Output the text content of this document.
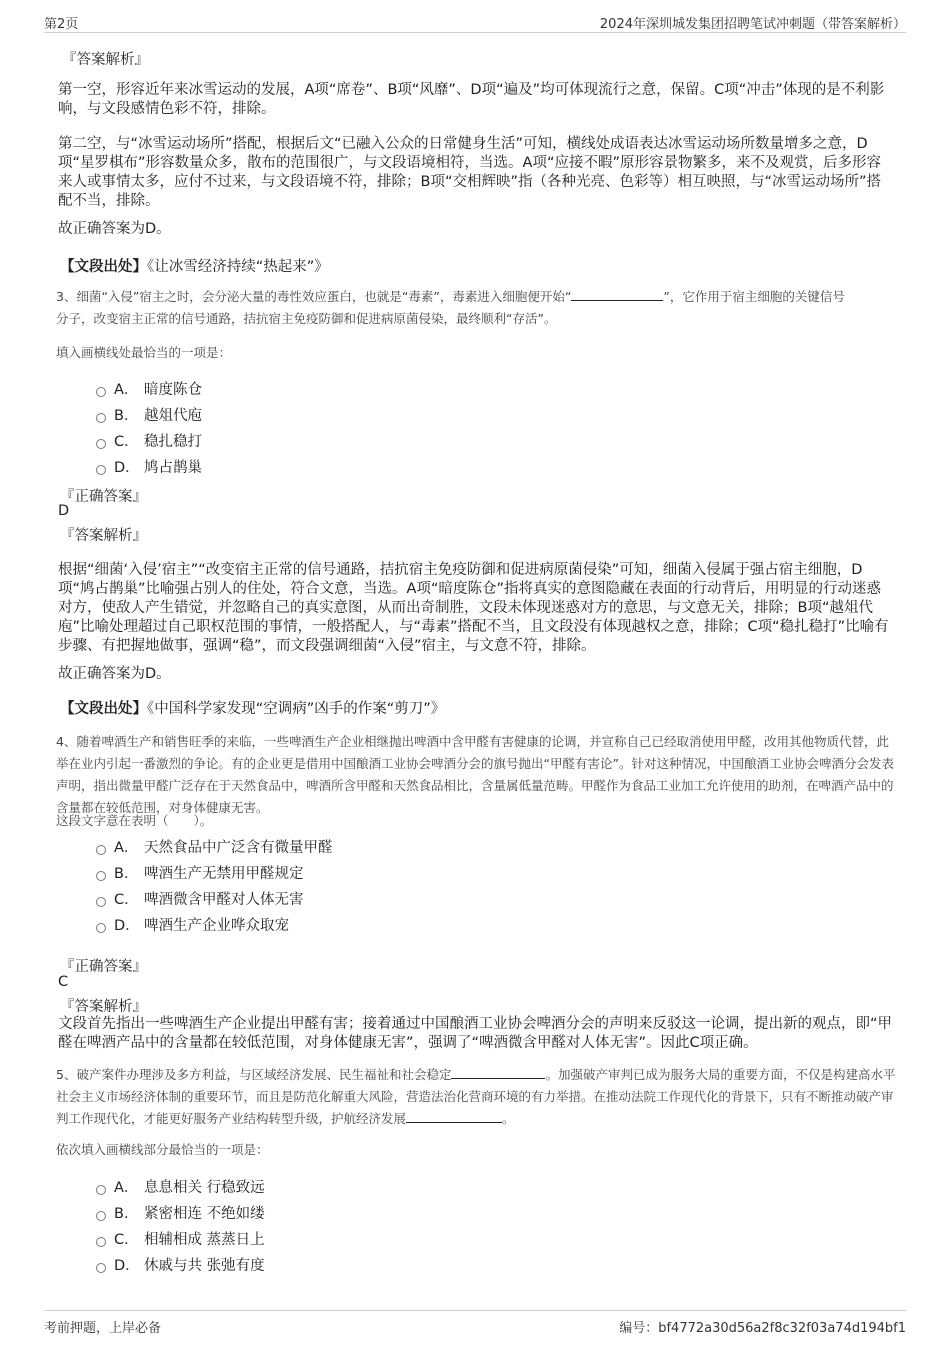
第2页	2024年深圳城发集团招聘笔试冲刺题（带答案解析）
『答案解析』
第一空，形容近年来冰雪运动的发展，A项“席卷”、B项“风靡”、D项“遍及”均可体现流行之意，保留。C项“冲击”体现的是不利影响，与文段感情色彩不符，排除。
第二空，与“冰雪运动场所”搭配，根据后文“已融入公众的日常健身生活”可知，横线处成语表达冰雪运动场所数量增多之意，D项“星罗棋布”形容数量众多，散布的范围很广，与文段语境相符，当选。A项“应接不暇”原形容景物繁多，来不及观赏，后多形容来人或事情太多，应付不过来，与文段语境不符，排除；B项“交相辉映”指（各种光亮、色彩等）相互映照，与“冰雪运动场所”搭配不当，排除。
故正确答案为D。
【文段出处】《让冰雪经济持续“热起来”》
3、细菌“入侵”宿主之时，会分泌大量的毒性效应蛋白，也就是“毒素”，毒素进入细胞便开始“	”，它作用于宿主细胞的关键信号
分子，改变宿主正常的信号通路，拮抗宿主免疫防御和促进病原菌侵染，最终顺利“存活”。
填入画横线处最恰当的一项是：
A． 暗度陈仓
B． 越俎代庖
C． 稳扎稳打
D． 鸠占鹊巢
『正确答案』
D
『答案解析』
根据“细菌‘入侵’宿主”“改变宿主正常的信号通路，拮抗宿主免疫防御和促进病原菌侵染”可知，细菌入侵属于强占宿主细胞，D项“鸠占鹊巢”比喻强占别人的住处，符合文意，当选。A项“暗度陈仓”指将真实的意图隐藏在表面的行动背后，用明显的行动迷惑对方，使敌人产生错觉，并忽略自己的真实意图，从而出奇制胜，文段未体现迷惑对方的意思，与文意无关，排除；B项“越俎代庖”比喻处理超过自己职权范围的事情，一般搭配人，与“毒素”搭配不当，且文段没有体现越权之意，排除；C项“稳扎稳打”比喻有步骤、有把握地做事，强调“稳”，而文段强调细菌“入侵”宿主，与文意不符，排除。
故正确答案为D。
【文段出处】《中国科学家发现“空调病”凶手的作案“剪刀”》
4、随着啤酒生产和销售旺季的来临，一些啤酒生产企业相继抛出啤酒中含甲醛有害健康的论调，并宣称自己已经取消使用甲醛，改用其他物质代替，此举在业内引起一番激烈的争论。有的企业更是借用中国酿酒工业协会啤酒分会的旗号抛出“甲醛有害论”。针对这种情况，中国酿酒工业协会啤酒分会发表声明，指出微量甲醛广泛存在于天然食品中，啤酒所含甲醛和天然食品相比，含量属低量范畴。甲醛作为食品工业加工允许使用的助剂，在啤酒产品中的含量都在较低范围，对身体健康无害。
这段文字意在表明（　　）。
A． 天然食品中广泛含有微量甲醛
B． 啤酒生产无禁用甲醛规定
C． 啤酒微含甲醛对人体无害
D． 啤酒生产企业哗众取宠
『正确答案』
C
『答案解析』
文段首先指出一些啤酒生产企业提出甲醛有害；接着通过中国酿酒工业协会啤酒分会的声明来反驳这一论调，提出新的观点，即“甲醛在啤酒产品中的含量都在较低范围，对身体健康无害”，强调了“啤酒微含甲醛对人体无害”。因此C项正确。
5、破产案件办理涉及多方利益，与区域经济发展、民生福祉和社会稳定	。加强破产审判已成为服务大局的重要方面，不仅是构建高水平社会主义市场经济体制的重要环节，而且是防范化解重大风险，营造法治化营商环境的有力举措。在推动法院工作现代化的背景下，只有不断推动破产审判工作现代化，才能更好服务产业结构转型升级，护航经济发展	。
依次填入画横线部分最恰当的一项是：
A． 息息相关 行稳致远
B． 紧密相连 不绝如缕
C． 相辅相成 蒸蒸日上
D． 休戚与共 张弛有度
考前押题，上岸必备	编号：bf4772a30d56a2f8c32f03a74d194bf1
